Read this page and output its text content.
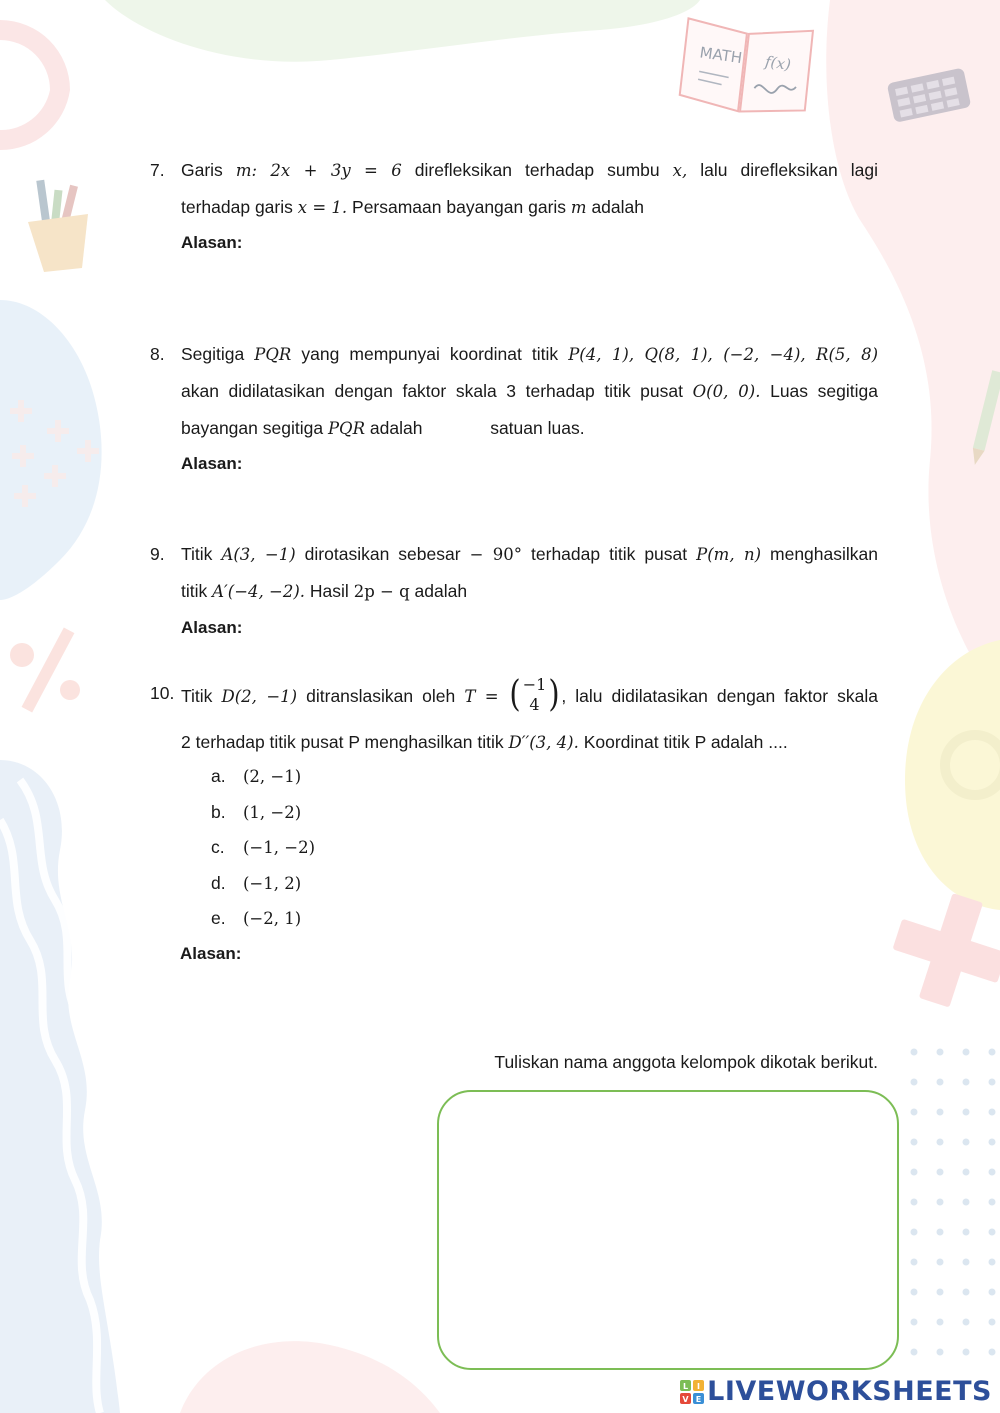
MATH f(x)
7. Garis m: 2x + 3y = 6 direfleksikan terhadap sumbu x, lalu direfleksikan lagi
terhadap garis x = 1. Persamaan bayangan garis m adalah
Alasan:
8. Segitiga PQR yang mempunyai koordinat titik P(4, 1), Q(8, 1), (−2, −4), R(5, 8)
akan didilatasikan dengan faktor skala 3 terhadap titik pusat O(0, 0). Luas segitiga
bayangan segitiga PQR adalah	satuan luas.
Alasan:
9. Titik A(3, −1) dirotasikan sebesar − 90° terhadap titik pusat P(m, n) menghasilkan
titik A′(−4, −2). Hasil 2p − q adalah
Alasan:
10. Titik D(2, −1) ditranslasikan oleh T = ( −1
4 ) , lalu didilatasikan dengan faktor skala
2 terhadap titik pusat P menghasilkan titik D′′(3, 4). Koordinat titik P adalah ....
a. (2, −1)
b. (1, −2)
c. (−1, −2)
d. (−1, 2)
e. (−2, 1)
Alasan:
Tuliskan nama anggota kelompok dikotak berikut.
L I
V E LIVEWORKSHEETS
